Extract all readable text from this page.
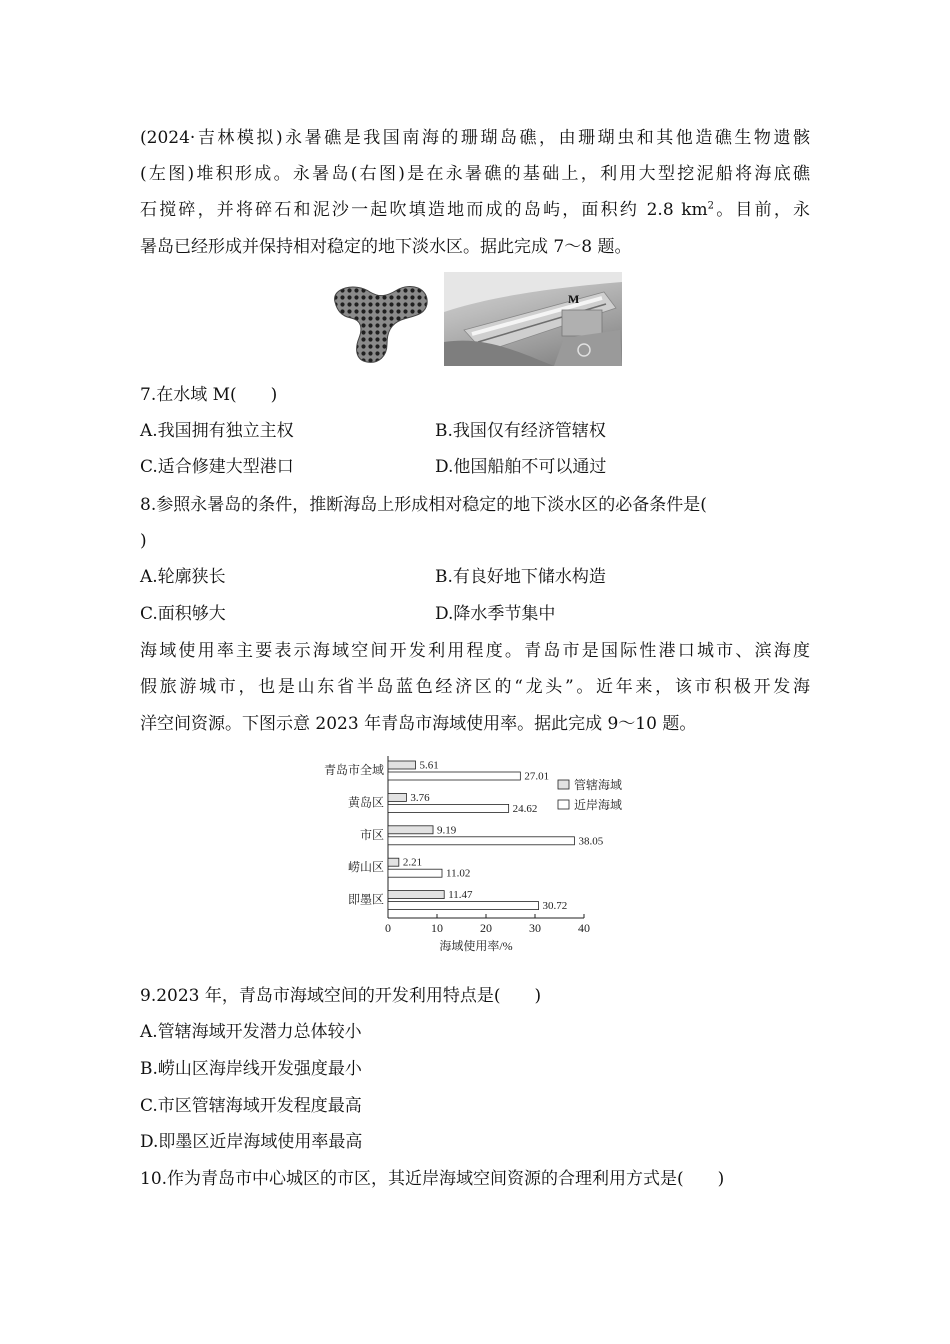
(2024·吉林模拟)永暑礁是我国南海的珊瑚岛礁，由珊瑚虫和其他造礁生物遗骸
(左图)堆积形成。永暑岛(右图)是在永暑礁的基础上，利用大型挖泥船将海底礁
石搅碎，并将碎石和泥沙一起吹填造地而成的岛屿，面积约 2.8 $km^2$。目前，永
暑岛已经形成并保持相对稳定的地下淡水区。据此完成 7～8 题。
M
7.在水域 M(　　)
A.我国拥有独立主权	B.我国仅有经济管辖权
C.适合修建大型港口	D.他国船舶不可以通过
8.参照永暑岛的条件，推断海岛上形成相对稳定的地下淡水区的必备条件是(
)
A.轮廓狭长	B.有良好地下储水构造
C.面积够大	D.降水季节集中
海域使用率主要表示海域空间开发利用程度。青岛市是国际性港口城市、滨海度
假旅游城市，也是山东省半岛蓝色经济区的“龙头”。近年来，该市积极开发海
洋空间资源。下图示意 2023 年青岛市海域使用率。据此完成 9～10 题。
0	10	20	30	40
海域使用率/%
青岛市全域	5.61
27.01
黄岛区 3.76
24.62
市区	9.19
38.05
崂山区 2.21
11.02
即墨区	11.47
30.72
管辖海域
近岸海域
9.2023 年，青岛市海域空间的开发利用特点是(　　)
A.管辖海域开发潜力总体较小
B.崂山区海岸线开发强度最小
C.市区管辖海域开发程度最高
D.即墨区近岸海域使用率最高
10.作为青岛市中心城区的市区，其近岸海域空间资源的合理利用方式是(　　)
